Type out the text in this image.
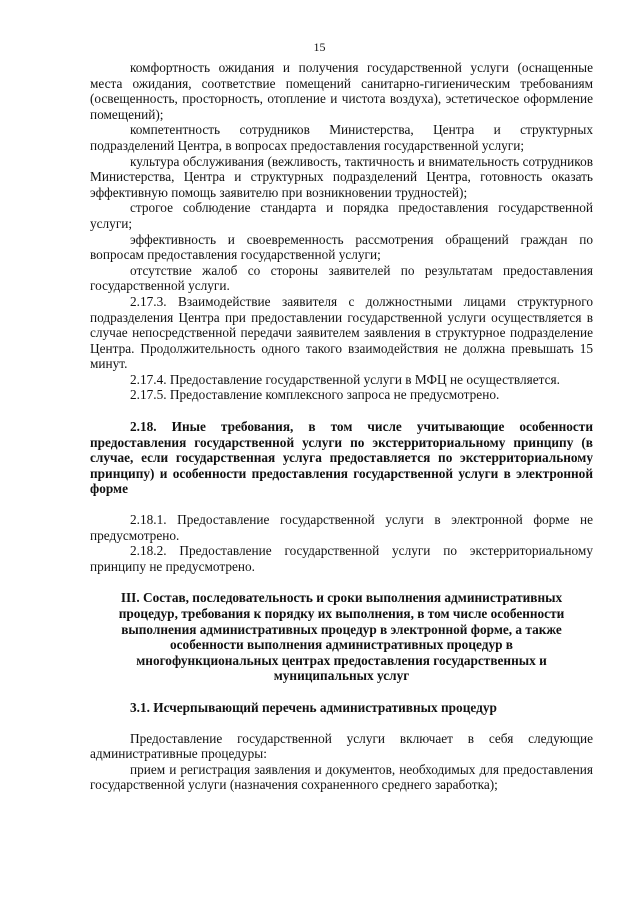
15

комфортность ожидания и получения государственной услуги (оснащенные места ожидания, соответствие помещений санитарно-гигиеническим требованиям (освещенность, просторность, отопление и чистота воздуха), эстетическое оформление помещений);

компетентность сотрудников Министерства, Центра и структурных подразделений Центра, в вопросах предоставления государственной услуги;

культура обслуживания (вежливость, тактичность и внимательность сотрудников Министерства, Центра и структурных подразделений Центра, готовность оказать эффективную помощь заявителю при возникновении трудностей);

строгое соблюдение стандарта и порядка предоставления государственной услуги;

эффективность и своевременность рассмотрения обращений граждан по вопросам предоставления государственной услуги;

отсутствие жалоб со стороны заявителей по результатам предоставления государственной услуги.

2.17.3. Взаимодействие заявителя с должностными лицами структурного подразделения Центра при предоставлении государственной услуги осуществляется в случае непосредственной передачи заявителем заявления в структурное подразделение Центра. Продолжительность одного такого взаимодействия не должна превышать 15 минут.

2.17.4. Предоставление государственной услуги в МФЦ не осуществляется.

2.17.5. Предоставление комплексного запроса не предусмотрено.

2.18. Иные требования, в том числе учитывающие особенности предоставления государственной услуги по экстерриториальному принципу (в случае, если государственная услуга предоставляется по экстерриториальному принципу) и особенности предоставления государственной услуги в электронной форме

2.18.1. Предоставление государственной услуги в электронной форме не предусмотрено.

2.18.2. Предоставление государственной услуги по экстерриториальному принципу не предусмотрено.

III. Состав, последовательность и сроки выполнения административных процедур, требования к порядку их выполнения, в том числе особенности выполнения административных процедур в электронной форме, а также особенности выполнения административных процедур в многофункциональных центрах предоставления государственных и муниципальных услуг

3.1. Исчерпывающий перечень административных процедур

Предоставление государственной услуги включает в себя следующие административные процедуры:

прием и регистрация заявления и документов, необходимых для предоставления государственной услуги (назначения сохраненного среднего заработка);
